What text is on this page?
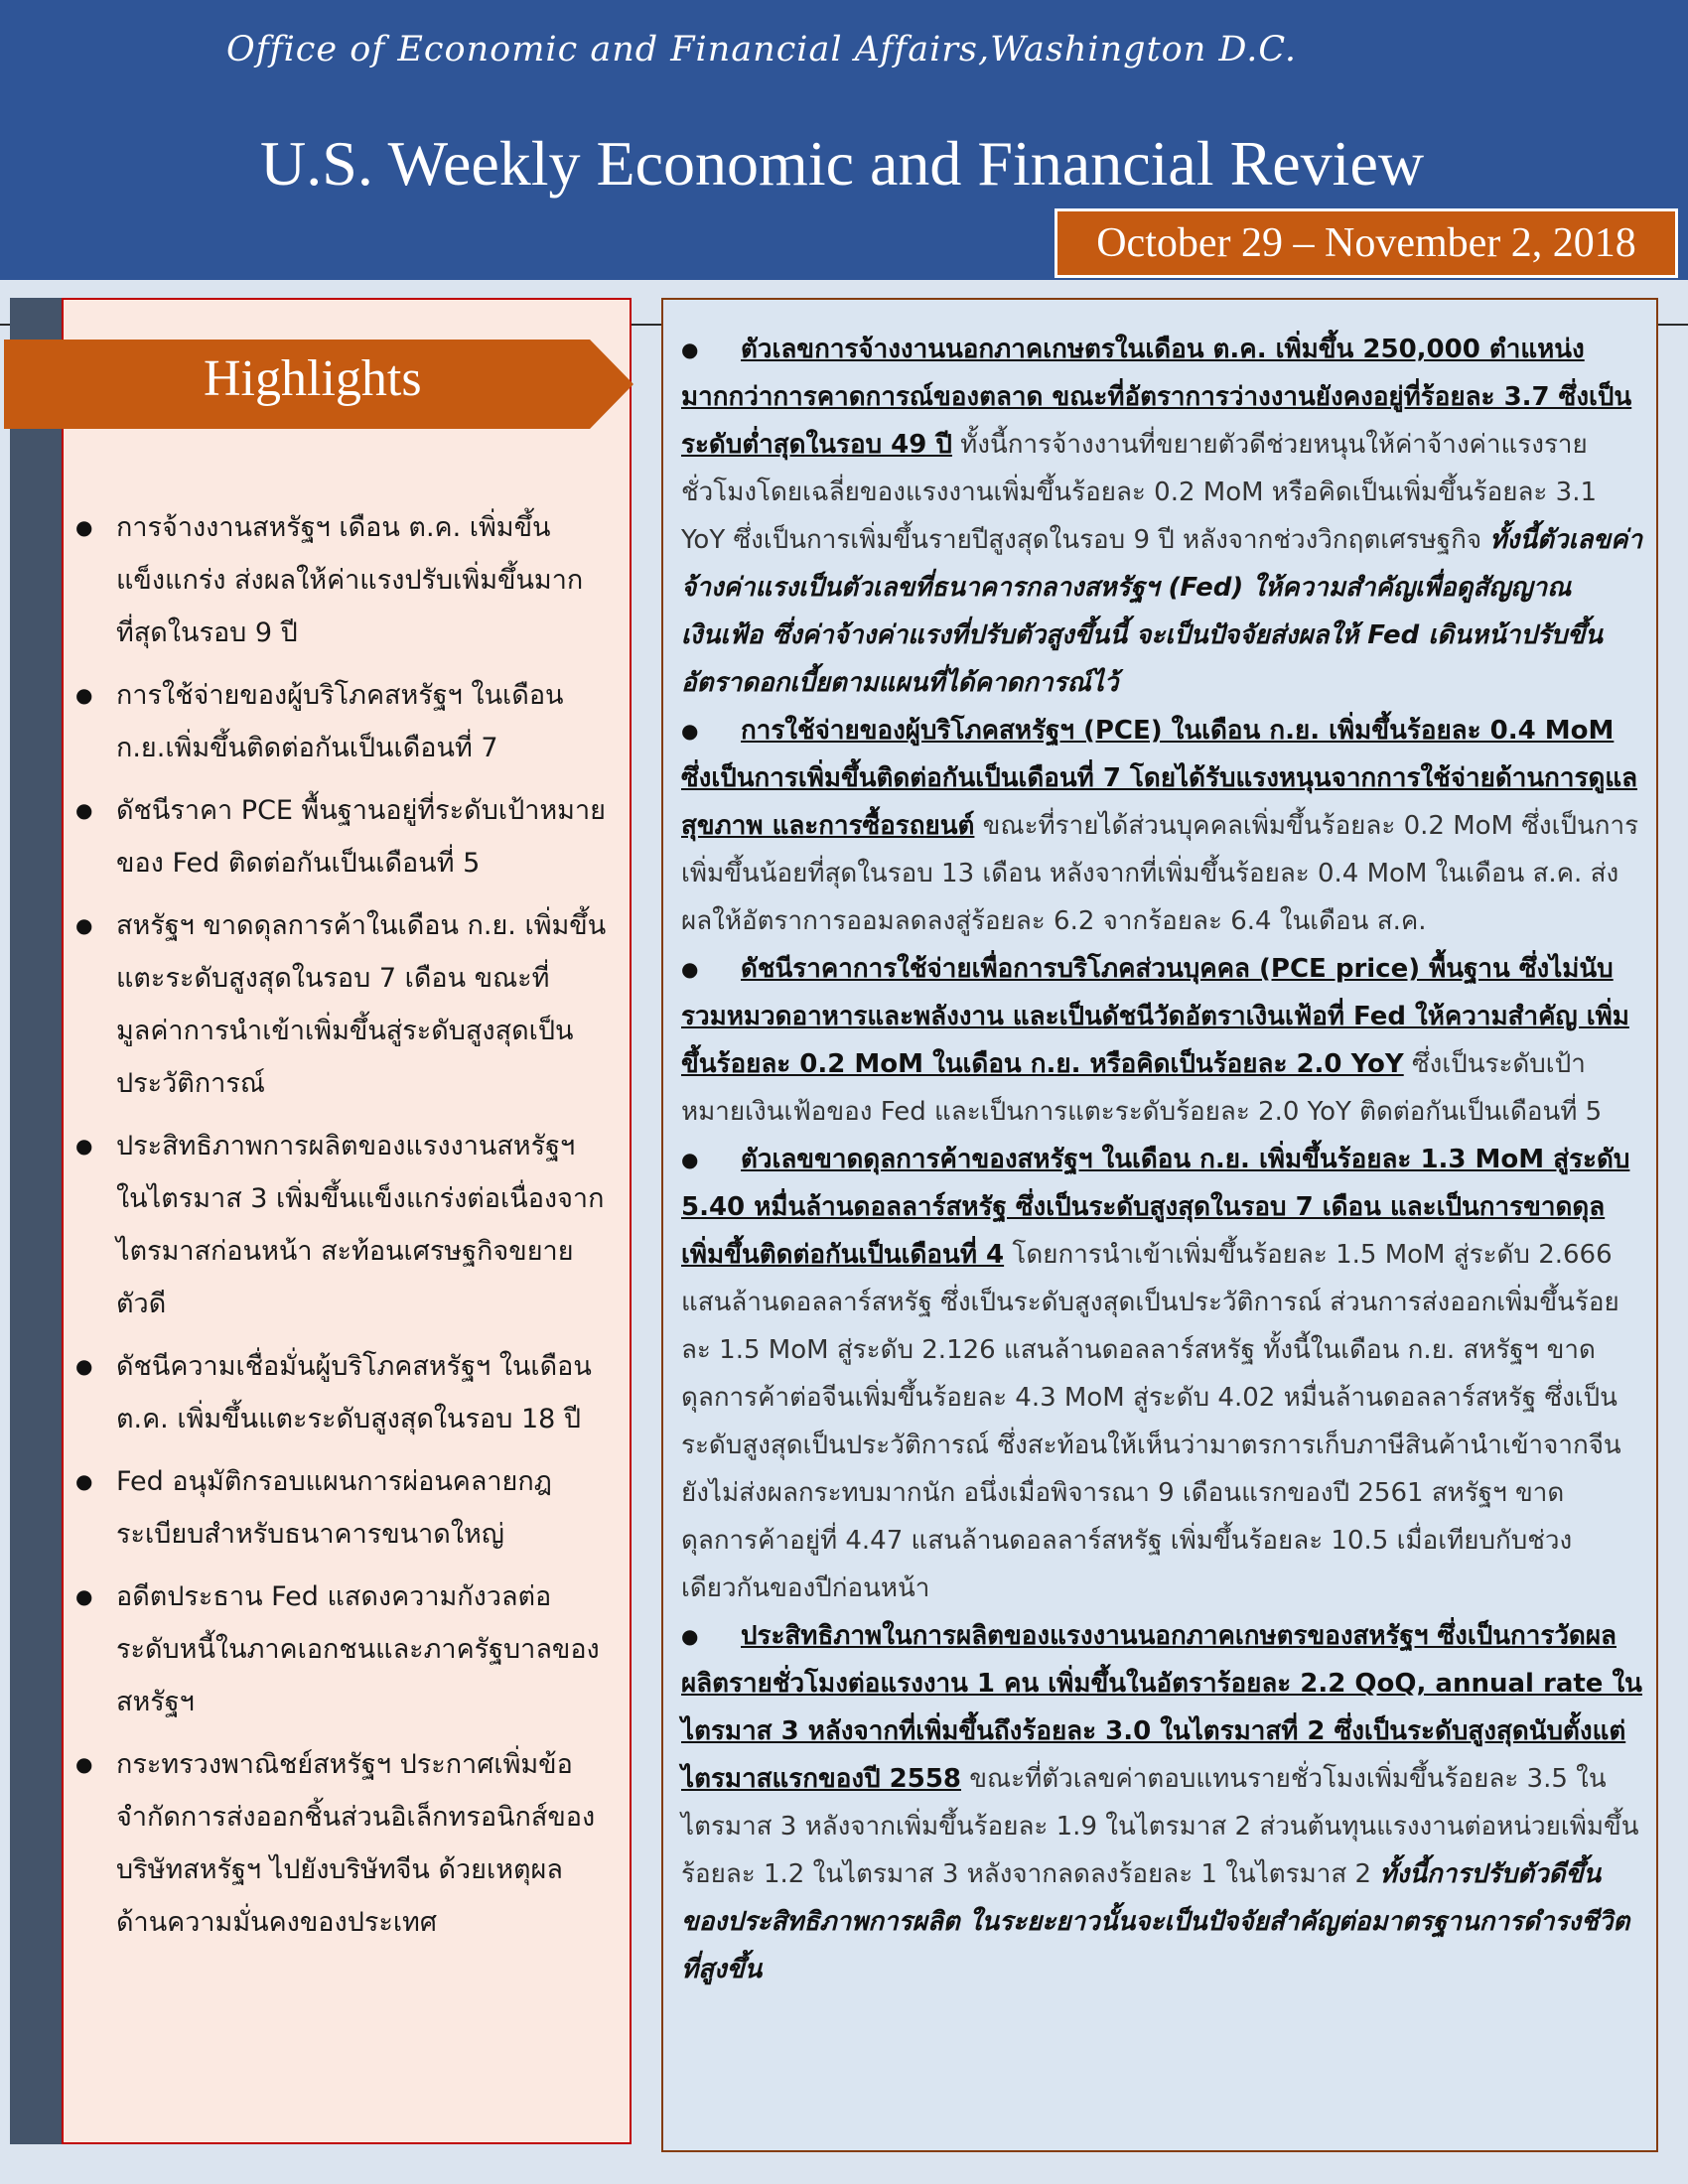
Office of Economic and Financial Affairs,Washington D.C.
U.S. Weekly Economic and Financial Review
October 29 – November 2, 2018
Highlights
● การจ้างงานสหรัฐฯ เดือน ต.ค. เพิ่มขึ้นแข็งแกร่ง ส่งผลให้ค่าแรงปรับเพิ่มขึ้นมากที่สุดในรอบ 9 ปี
● การใช้จ่ายของผู้บริโภคสหรัฐฯ ในเดือน ก.ย.เพิ่มขึ้นติดต่อกันเป็นเดือนที่ 7
● ดัชนีราคา PCE พื้นฐานอยู่ที่ระดับเป้าหมายของ Fed ติดต่อกันเป็นเดือนที่ 5
● สหรัฐฯ ขาดดุลการค้าในเดือน ก.ย. เพิ่มขึ้นแตะระดับสูงสุดในรอบ 7 เดือน ขณะที่มูลค่าการนำเข้าเพิ่มขึ้นสู่ระดับสูงสุดเป็นประวัติการณ์
● ประสิทธิภาพการผลิตของแรงงานสหรัฐฯ ในไตรมาส 3 เพิ่มขึ้นแข็งแกร่งต่อเนื่องจากไตรมาสก่อนหน้า สะท้อนเศรษฐกิจขยายตัวดี
● ดัชนีความเชื่อมั่นผู้บริโภคสหรัฐฯ ในเดือน ต.ค. เพิ่มขึ้นแตะระดับสูงสุดในรอบ 18 ปี
● Fed อนุมัติกรอบแผนการผ่อนคลายกฎระเบียบสำหรับธนาคารขนาดใหญ่
● อดีตประธาน Fed แสดงความกังวลต่อระดับหนี้ในภาคเอกชนและภาครัฐบาลของสหรัฐฯ
● กระทรวงพาณิชย์สหรัฐฯ ประกาศเพิ่มข้อจำกัดการส่งออกชิ้นส่วนอิเล็กทรอนิกส์ของบริษัทสหรัฐฯ ไปยังบริษัทจีน ด้วยเหตุผลด้านความมั่นคงของประเทศ

● ตัวเลขการจ้างงานนอกภาคเกษตรในเดือน ต.ค. เพิ่มขึ้น 250,000 ตำแหน่ง มากกว่าการคาดการณ์ของตลาด ขณะที่อัตราการว่างงานยังคงอยู่ที่ร้อยละ 3.7 ซึ่งเป็นระดับต่ำสุดในรอบ 49 ปี ทั้งนี้การจ้างงานที่ขยายตัวดีช่วยหนุนให้ค่าจ้างค่าแรงรายชั่วโมงโดยเฉลี่ยของแรงงานเพิ่มขึ้นร้อยละ 0.2 MoM หรือคิดเป็นเพิ่มขึ้นร้อยละ 3.1 YoY ซึ่งเป็นการเพิ่มขึ้นรายปีสูงสุดในรอบ 9 ปี หลังจากช่วงวิกฤตเศรษฐกิจ ทั้งนี้ตัวเลขค่าจ้างค่าแรงเป็นตัวเลขที่ธนาคารกลางสหรัฐฯ (Fed) ให้ความสำคัญเพื่อดูสัญญาณเงินเฟ้อ ซึ่งค่าจ้างค่าแรงที่ปรับตัวสูงขึ้นนี้ จะเป็นปัจจัยส่งผลให้ Fed เดินหน้าปรับขึ้นอัตราดอกเบี้ยตามแผนที่ได้คาดการณ์ไว้

● การใช้จ่ายของผู้บริโภคสหรัฐฯ (PCE) ในเดือน ก.ย. เพิ่มขึ้นร้อยละ 0.4 MoM ซึ่งเป็นการเพิ่มขึ้นติดต่อกันเป็นเดือนที่ 7 โดยได้รับแรงหนุนจากการใช้จ่ายด้านการดูแลสุขภาพ และการซื้อรถยนต์ ขณะที่รายได้ส่วนบุคคลเพิ่มขึ้นร้อยละ 0.2 MoM ซึ่งเป็นการเพิ่มขึ้นน้อยที่สุดในรอบ 13 เดือน หลังจากที่เพิ่มขึ้นร้อยละ 0.4 MoM ในเดือน ส.ค. ส่งผลให้อัตราการออมลดลงสู่ร้อยละ 6.2 จากร้อยละ 6.4 ในเดือน ส.ค.

● ดัชนีราคาการใช้จ่ายเพื่อการบริโภคส่วนบุคคล (PCE price) พื้นฐาน ซึ่งไม่นับรวมหมวดอาหารและพลังงาน และเป็นดัชนีวัดอัตราเงินเฟ้อที่ Fed ให้ความสำคัญ เพิ่มขึ้นร้อยละ 0.2 MoM ในเดือน ก.ย. หรือคิดเป็นร้อยละ 2.0 YoY ซึ่งเป็นระดับเป้าหมายเงินเฟ้อของ Fed และเป็นการแตะระดับร้อยละ 2.0 YoY ติดต่อกันเป็นเดือนที่ 5

● ตัวเลขขาดดุลการค้าของสหรัฐฯ ในเดือน ก.ย. เพิ่มขึ้นร้อยละ 1.3 MoM สู่ระดับ 5.40 หมื่นล้านดอลลาร์สหรัฐ ซึ่งเป็นระดับสูงสุดในรอบ 7 เดือน และเป็นการขาดดุลเพิ่มขึ้นติดต่อกันเป็นเดือนที่ 4 โดยการนำเข้าเพิ่มขึ้นร้อยละ 1.5 MoM สู่ระดับ 2.666 แสนล้านดอลลาร์สหรัฐ ซึ่งเป็นระดับสูงสุดเป็นประวัติการณ์ ส่วนการส่งออกเพิ่มขึ้นร้อยละ 1.5 MoM สู่ระดับ 2.126 แสนล้านดอลลาร์สหรัฐ ทั้งนี้ในเดือน ก.ย. สหรัฐฯ ขาดดุลการค้าต่อจีนเพิ่มขึ้นร้อยละ 4.3 MoM สู่ระดับ 4.02 หมื่นล้านดอลลาร์สหรัฐ ซึ่งเป็นระดับสูงสุดเป็นประวัติการณ์ ซึ่งสะท้อนให้เห็นว่ามาตรการเก็บภาษีสินค้านำเข้าจากจีนยังไม่ส่งผลกระทบมากนัก อนึ่งเมื่อพิจารณา 9 เดือนแรกของปี 2561 สหรัฐฯ ขาดดุลการค้าอยู่ที่ 4.47 แสนล้านดอลลาร์สหรัฐ เพิ่มขึ้นร้อยละ 10.5 เมื่อเทียบกับช่วงเดียวกันของปีก่อนหน้า

● ประสิทธิภาพในการผลิตของแรงงานนอกภาคเกษตรของสหรัฐฯ ซึ่งเป็นการวัดผลผลิตรายชั่วโมงต่อแรงงาน 1 คน เพิ่มขึ้นในอัตราร้อยละ 2.2 QoQ, annual rate ในไตรมาส 3 หลังจากที่เพิ่มขึ้นถึงร้อยละ 3.0 ในไตรมาสที่ 2 ซึ่งเป็นระดับสูงสุดนับตั้งแต่ไตรมาสแรกของปี 2558 ขณะที่ตัวเลขค่าตอบแทนรายชั่วโมงเพิ่มขึ้นร้อยละ 3.5 ในไตรมาส 3 หลังจากเพิ่มขึ้นร้อยละ 1.9 ในไตรมาส 2 ส่วนต้นทุนแรงงานต่อหน่วยเพิ่มขึ้นร้อยละ 1.2 ในไตรมาส 3 หลังจากลดลงร้อยละ 1 ในไตรมาส 2 ทั้งนี้การปรับตัวดีขึ้นของประสิทธิภาพการผลิต ในระยะยาวนั้นจะเป็นปัจจัยสำคัญต่อมาตรฐานการดำรงชีวิตที่สูงขึ้น
